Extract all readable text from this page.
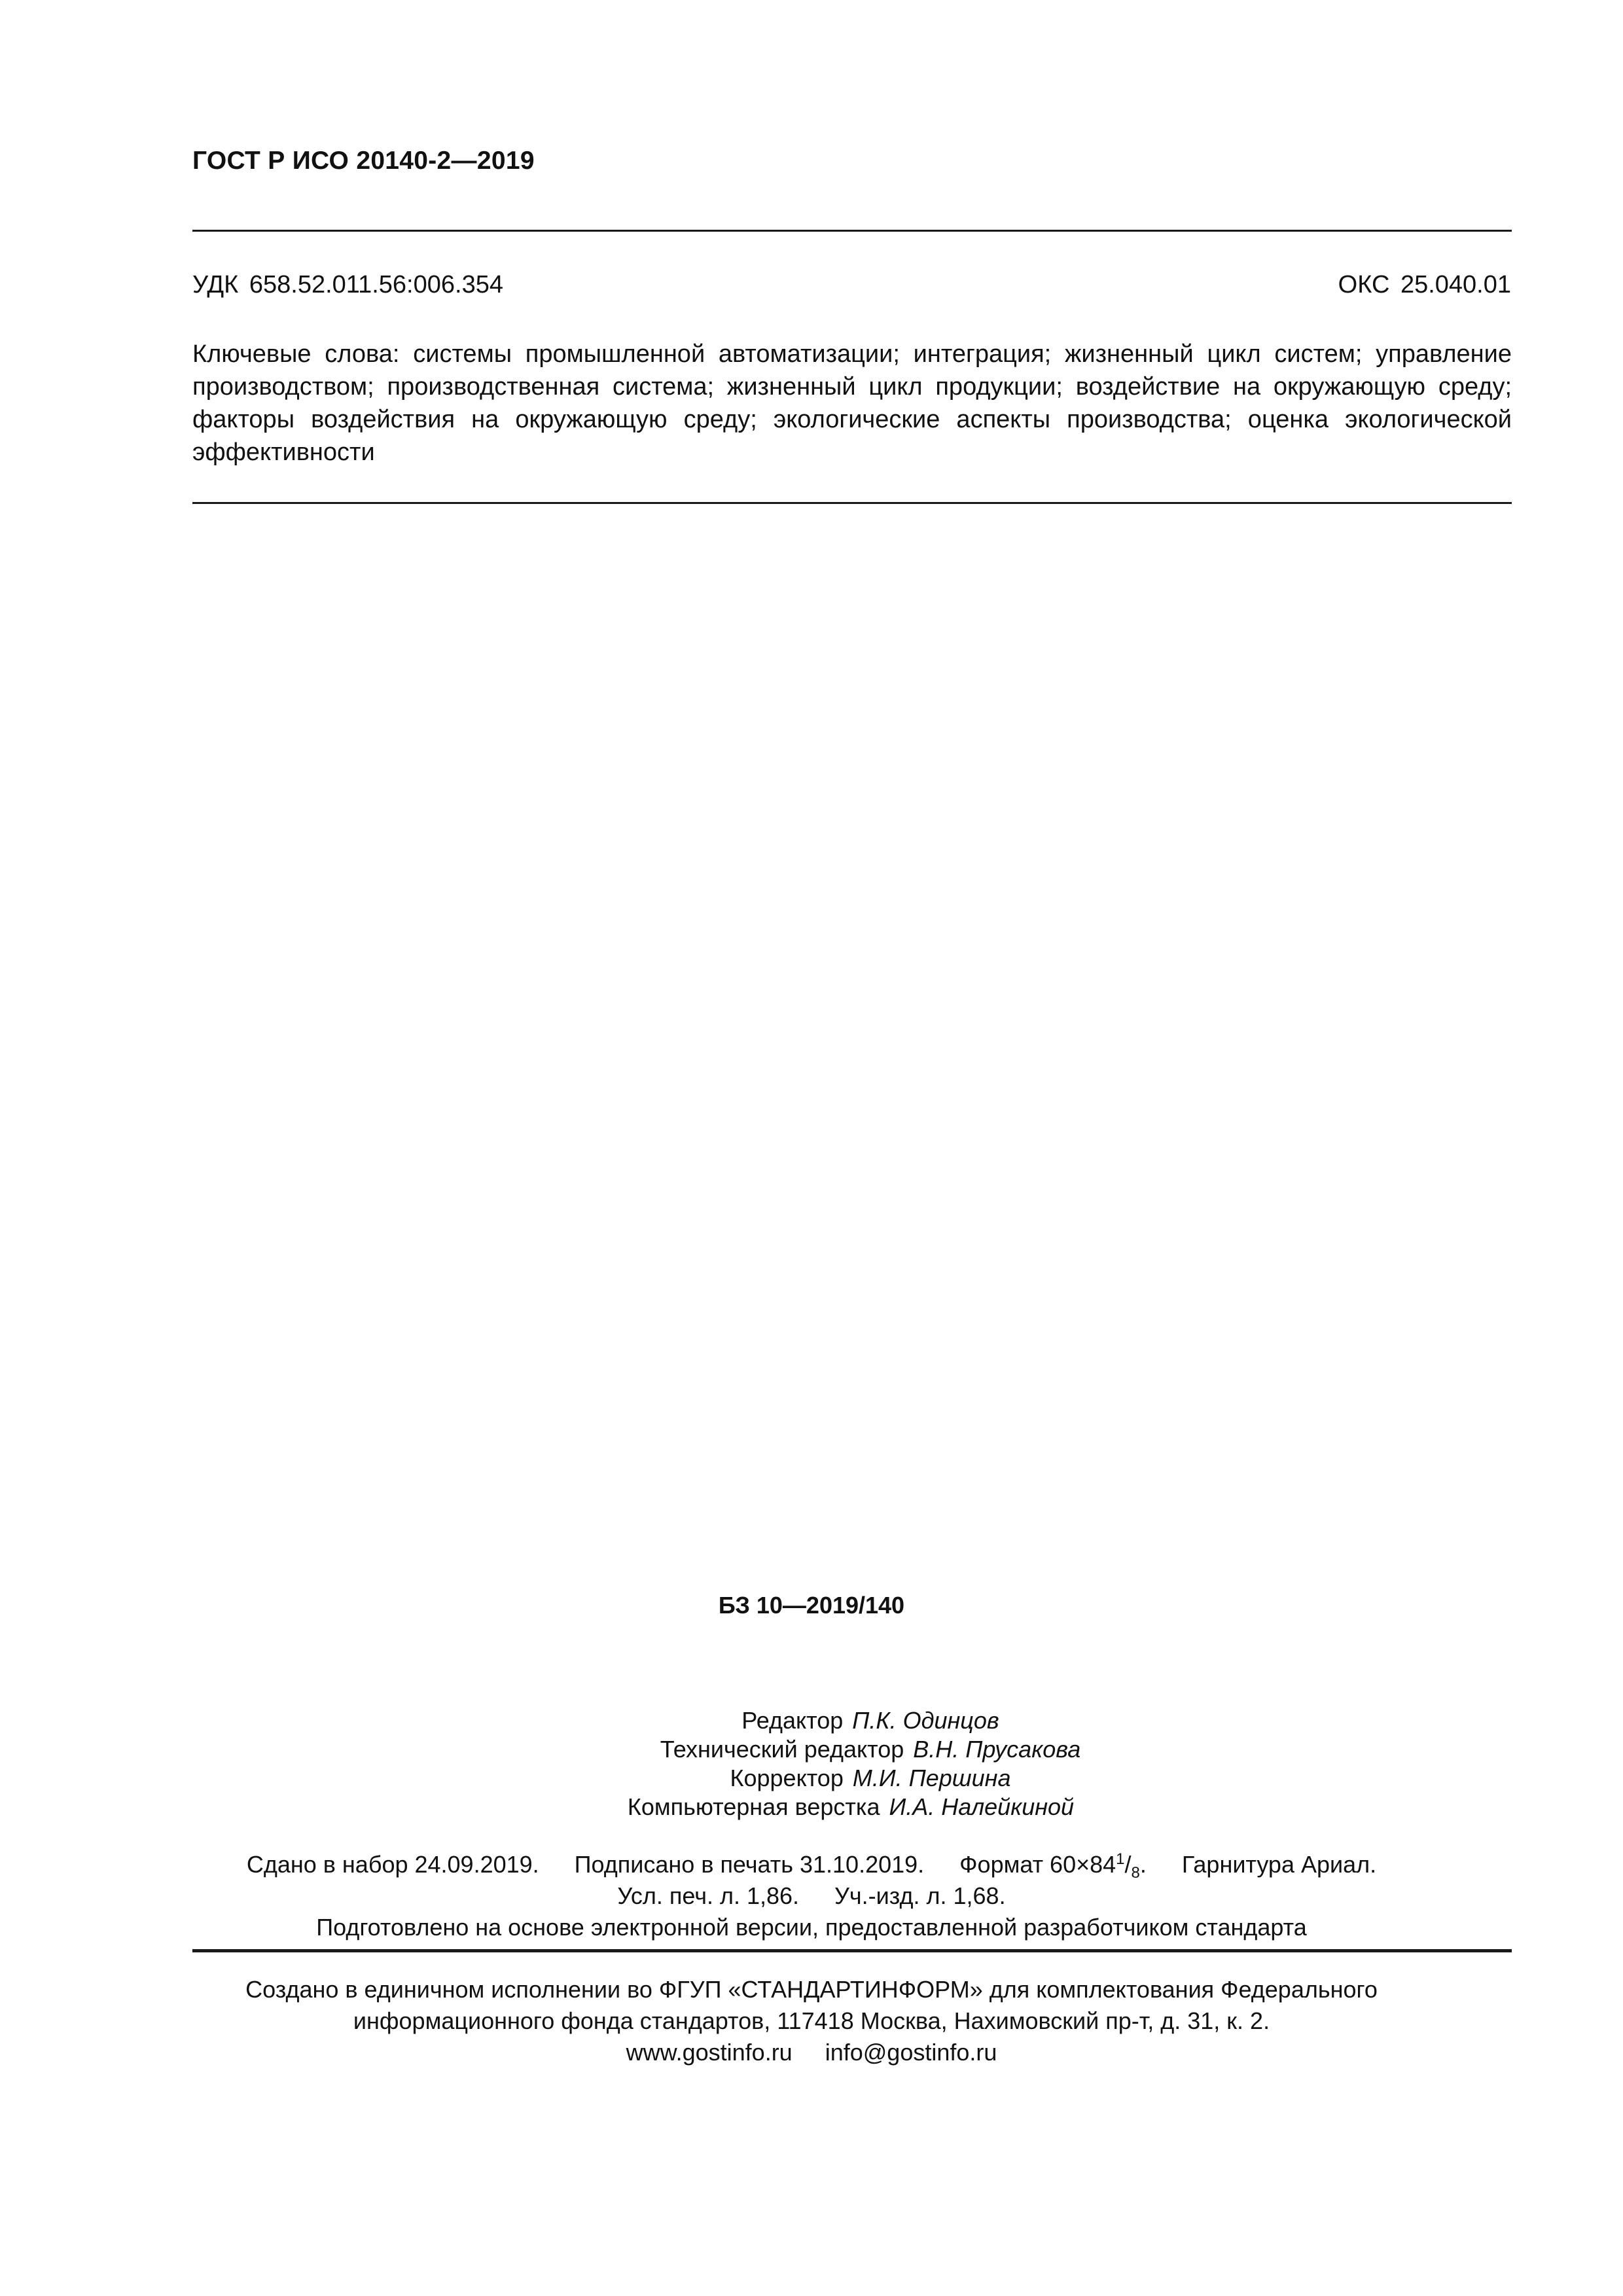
ГОСТ Р ИСО 20140-2—2019
УДК 658.52.011.56:006.354	ОКС 25.040.01

Ключевые слова: системы промышленной автоматизации; интеграция; жизненный цикл систем; управление производством; производственная система; жизненный цикл продукции; воздействие на окружающую среду; факторы воздействия на окружающую среду; экологические аспекты производства; оценка экологической эффективности

БЗ 10—2019/140
Редактор П.К. Одинцов
Технический редактор В.Н. Прусакова
Корректор М.И. Першина
Компьютерная верстка И.А. Налейкиной
Сдано в набор 24.09.2019. Подписано в печать 31.10.2019. Формат $60\times 84^1/_8$. Гарнитура Ариал.
Усл. печ. л. 1,86. Уч.-изд. л. 1,68.
Подготовлено на основе электронной версии, предоставленной разработчиком стандарта
Создано в единичном исполнении во ФГУП «СТАНДАРТИНФОРМ» для комплектования Федерального
информационного фонда стандартов, 117418 Москва, Нахимовский пр-т, д. 31, к. 2.
www.gostinfo.ru info@gostinfo.ru
